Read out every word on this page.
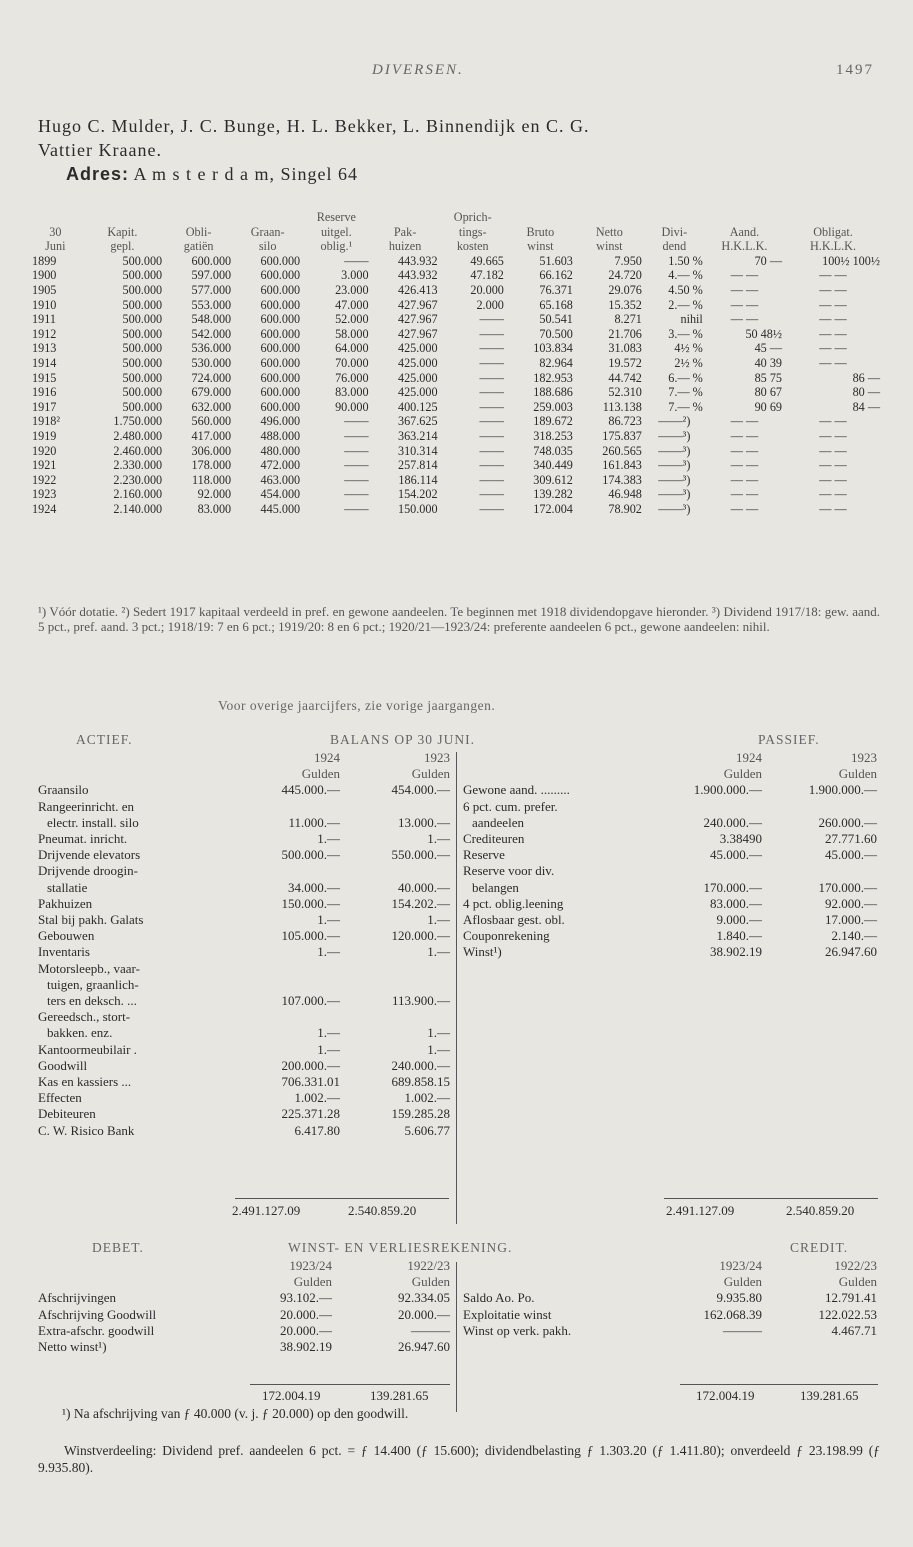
DIVERSEN.	1497
Hugo C. Mulder, J. C. Bunge, H. L. Bekker, L. Binnendijk en C. G.
Vattier Kraane.
Adres: A m s t e r d a m, Singel 64
				Reserve		Oprich-					
30	Kapit.	Obli-	Graan-	uitgel.	Pak-	tings-	Bruto	Netto	Divi-	Aand.	Obligat.
Juni	gepl.	gatiën	silo	oblig.¹	huizen	kosten	winst	winst	dend	H.K.L.K.	H.K.L.K.
1899	500.000	600.000	600.000	——	443.932	49.665	51.603	7.950	1.50 %	70 —	100½ 100½
1900	500.000	597.000	600.000	3.000	443.932	47.182	66.162	24.720	4.— %	— —	— —
1905	500.000	577.000	600.000	23.000	426.413	20.000	76.371	29.076	4.50 %	— —	— —
1910	500.000	553.000	600.000	47.000	427.967	2.000	65.168	15.352	2.— %	— —	— —
1911	500.000	548.000	600.000	52.000	427.967	——	50.541	8.271	nihil	— —	— —
1912	500.000	542.000	600.000	58.000	427.967	——	70.500	21.706	3.— %	50 48½	— —
1913	500.000	536.000	600.000	64.000	425.000	——	103.834	31.083	4½ %	45 —	— —
1914	500.000	530.000	600.000	70.000	425.000	——	82.964	19.572	2½ %	40 39	— —
1915	500.000	724.000	600.000	76.000	425.000	——	182.953	44.742	6.— %	85 75	86 —
1916	500.000	679.000	600.000	83.000	425.000	——	188.686	52.310	7.— %	80 67	80 —
1917	500.000	632.000	600.000	90.000	400.125	——	259.003	113.138	7.— %	90 69	84 —
1918²	1.750.000	560.000	496.000	——	367.625	——	189.672	86.723	——²)	— —	— —
1919	2.480.000	417.000	488.000	——	363.214	——	318.253	175.837	——³)	— —	— —
1920	2.460.000	306.000	480.000	——	310.314	——	748.035	260.565	——³)	— —	— —
1921	2.330.000	178.000	472.000	——	257.814	——	340.449	161.843	——³)	— —	— —
1922	2.230.000	118.000	463.000	——	186.114	——	309.612	174.383	——³)	— —	— —
1923	2.160.000	92.000	454.000	——	154.202	——	139.282	46.948	——³)	— —	— —
1924	2.140.000	83.000	445.000	——	150.000	——	172.004	78.902	——³)	— —	— —
¹) Vóór dotatie. ²) Sedert 1917 kapitaal verdeeld in pref. en gewone aandeelen. Te beginnen met 1918 dividendopgave hieronder. ³) Dividend 1917/18: gew. aand. 5 pct., pref. aand. 3 pct.; 1918/19: 7 en 6 pct.; 1919/20: 8 en 6 pct.; 1920/21—1923/24: preferente aandeelen 6 pct., gewone aandeelen: nihil.
Voor overige jaarcijfers, zie vorige jaargangen.
ACTIEF.	BALANS OP 30 JUNI.	PASSIEF.
	1924	1923
	Gulden	Gulden
Graansilo	445.000.—	454.000.—
Rangeerinricht. en		
electr. install. silo	11.000.—	13.000.—
Pneumat. inricht.	1.—	1.—
Drijvende elevators	500.000.—	550.000.—
Drijvende droogin-		
stallatie	34.000.—	40.000.—
Pakhuizen	150.000.—	154.202.—
Stal bij pakh. Galats	1.—	1.—
Gebouwen	105.000.—	120.000.—
Inventaris	1.—	1.—
Motorsleepb., vaar-		
tuigen, graanlich-		
ters en deksch. ...	107.000.—	113.900.—
Gereedsch., stort-		
bakken. enz.	1.—	1.—
Kantoormeubilair .	1.—	1.—
Goodwill	200.000.—	240.000.—
Kas en kassiers ...	706.331.01	689.858.15
Effecten	1.002.—	1.002.—
Debiteuren	225.371.28	159.285.28
C. W. Risico Bank	6.417.80	5.606.77
	1924	1923
	Gulden	Gulden
Gewone aand. .........	1.900.000.—	1.900.000.—
6 pct. cum. prefer.		
aandeelen	240.000.—	260.000.—
Crediteuren	3.38490	27.771.60
Reserve	45.000.—	45.000.—
Reserve voor div.		
belangen	170.000.—	170.000.—
4 pct. oblig.leening	83.000.—	92.000.—
Aflosbaar gest. obl.	9.000.—	17.000.—
Couponrekening	1.840.—	2.140.—
Winst¹)	38.902.19	26.947.60
2.491.127.09	2.540.859.20	2.491.127.09	2.540.859.20
DEBET.	WINST- EN VERLIESREKENING.	CREDIT.
	1923/24	1922/23
	Gulden	Gulden
Afschrijvingen	93.102.—	92.334.05
Afschrijving Goodwill	20.000.—	20.000.—
Extra-afschr. goodwill	20.000.—	———
Netto winst¹)	38.902.19	26.947.60
	1923/24	1922/23
	Gulden	Gulden
Saldo Ao. Po.	9.935.80	12.791.41
Exploitatie winst	162.068.39	122.022.53
Winst op verk. pakh.	———	4.467.71
172.004.19	139.281.65	172.004.19	139.281.65
¹) Na afschrijving van ƒ 40.000 (v. j. ƒ 20.000) op den goodwill.
Winstverdeeling: Dividend pref. aandeelen 6 pct. = ƒ 14.400 (ƒ 15.600); dividendbelasting ƒ 1.303.20 (ƒ 1.411.80); onverdeeld ƒ 23.198.99 (ƒ 9.935.80).
